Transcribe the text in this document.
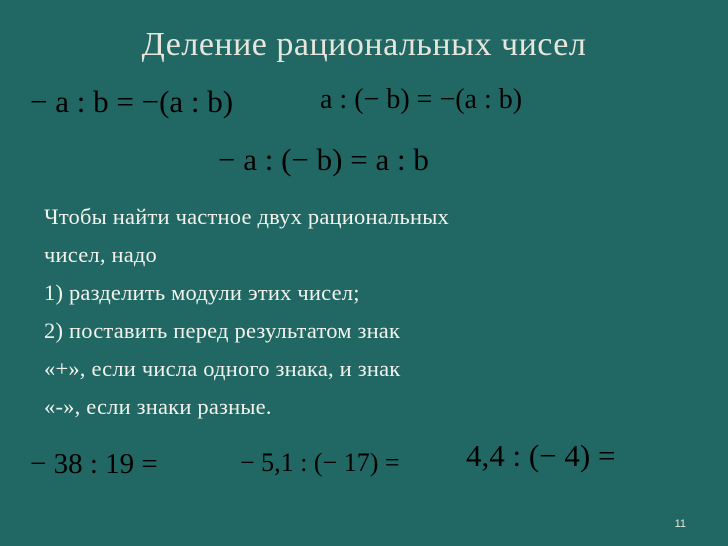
Деление рациональных чисел
− a : b = −(a : b)	a : (− b) = −(a : b)
− a : (− b) = a : b
Чтобы найти частное двух рациональных
чисел, надо
1) разделить модули этих чисел;
2) поставить перед результатом знак
«+», если числа одного знака, и знак
«-», если знаки разные.
− 38 : 19 =	− 5,1 : (− 17) = 4,4 : (− 4) =
11
